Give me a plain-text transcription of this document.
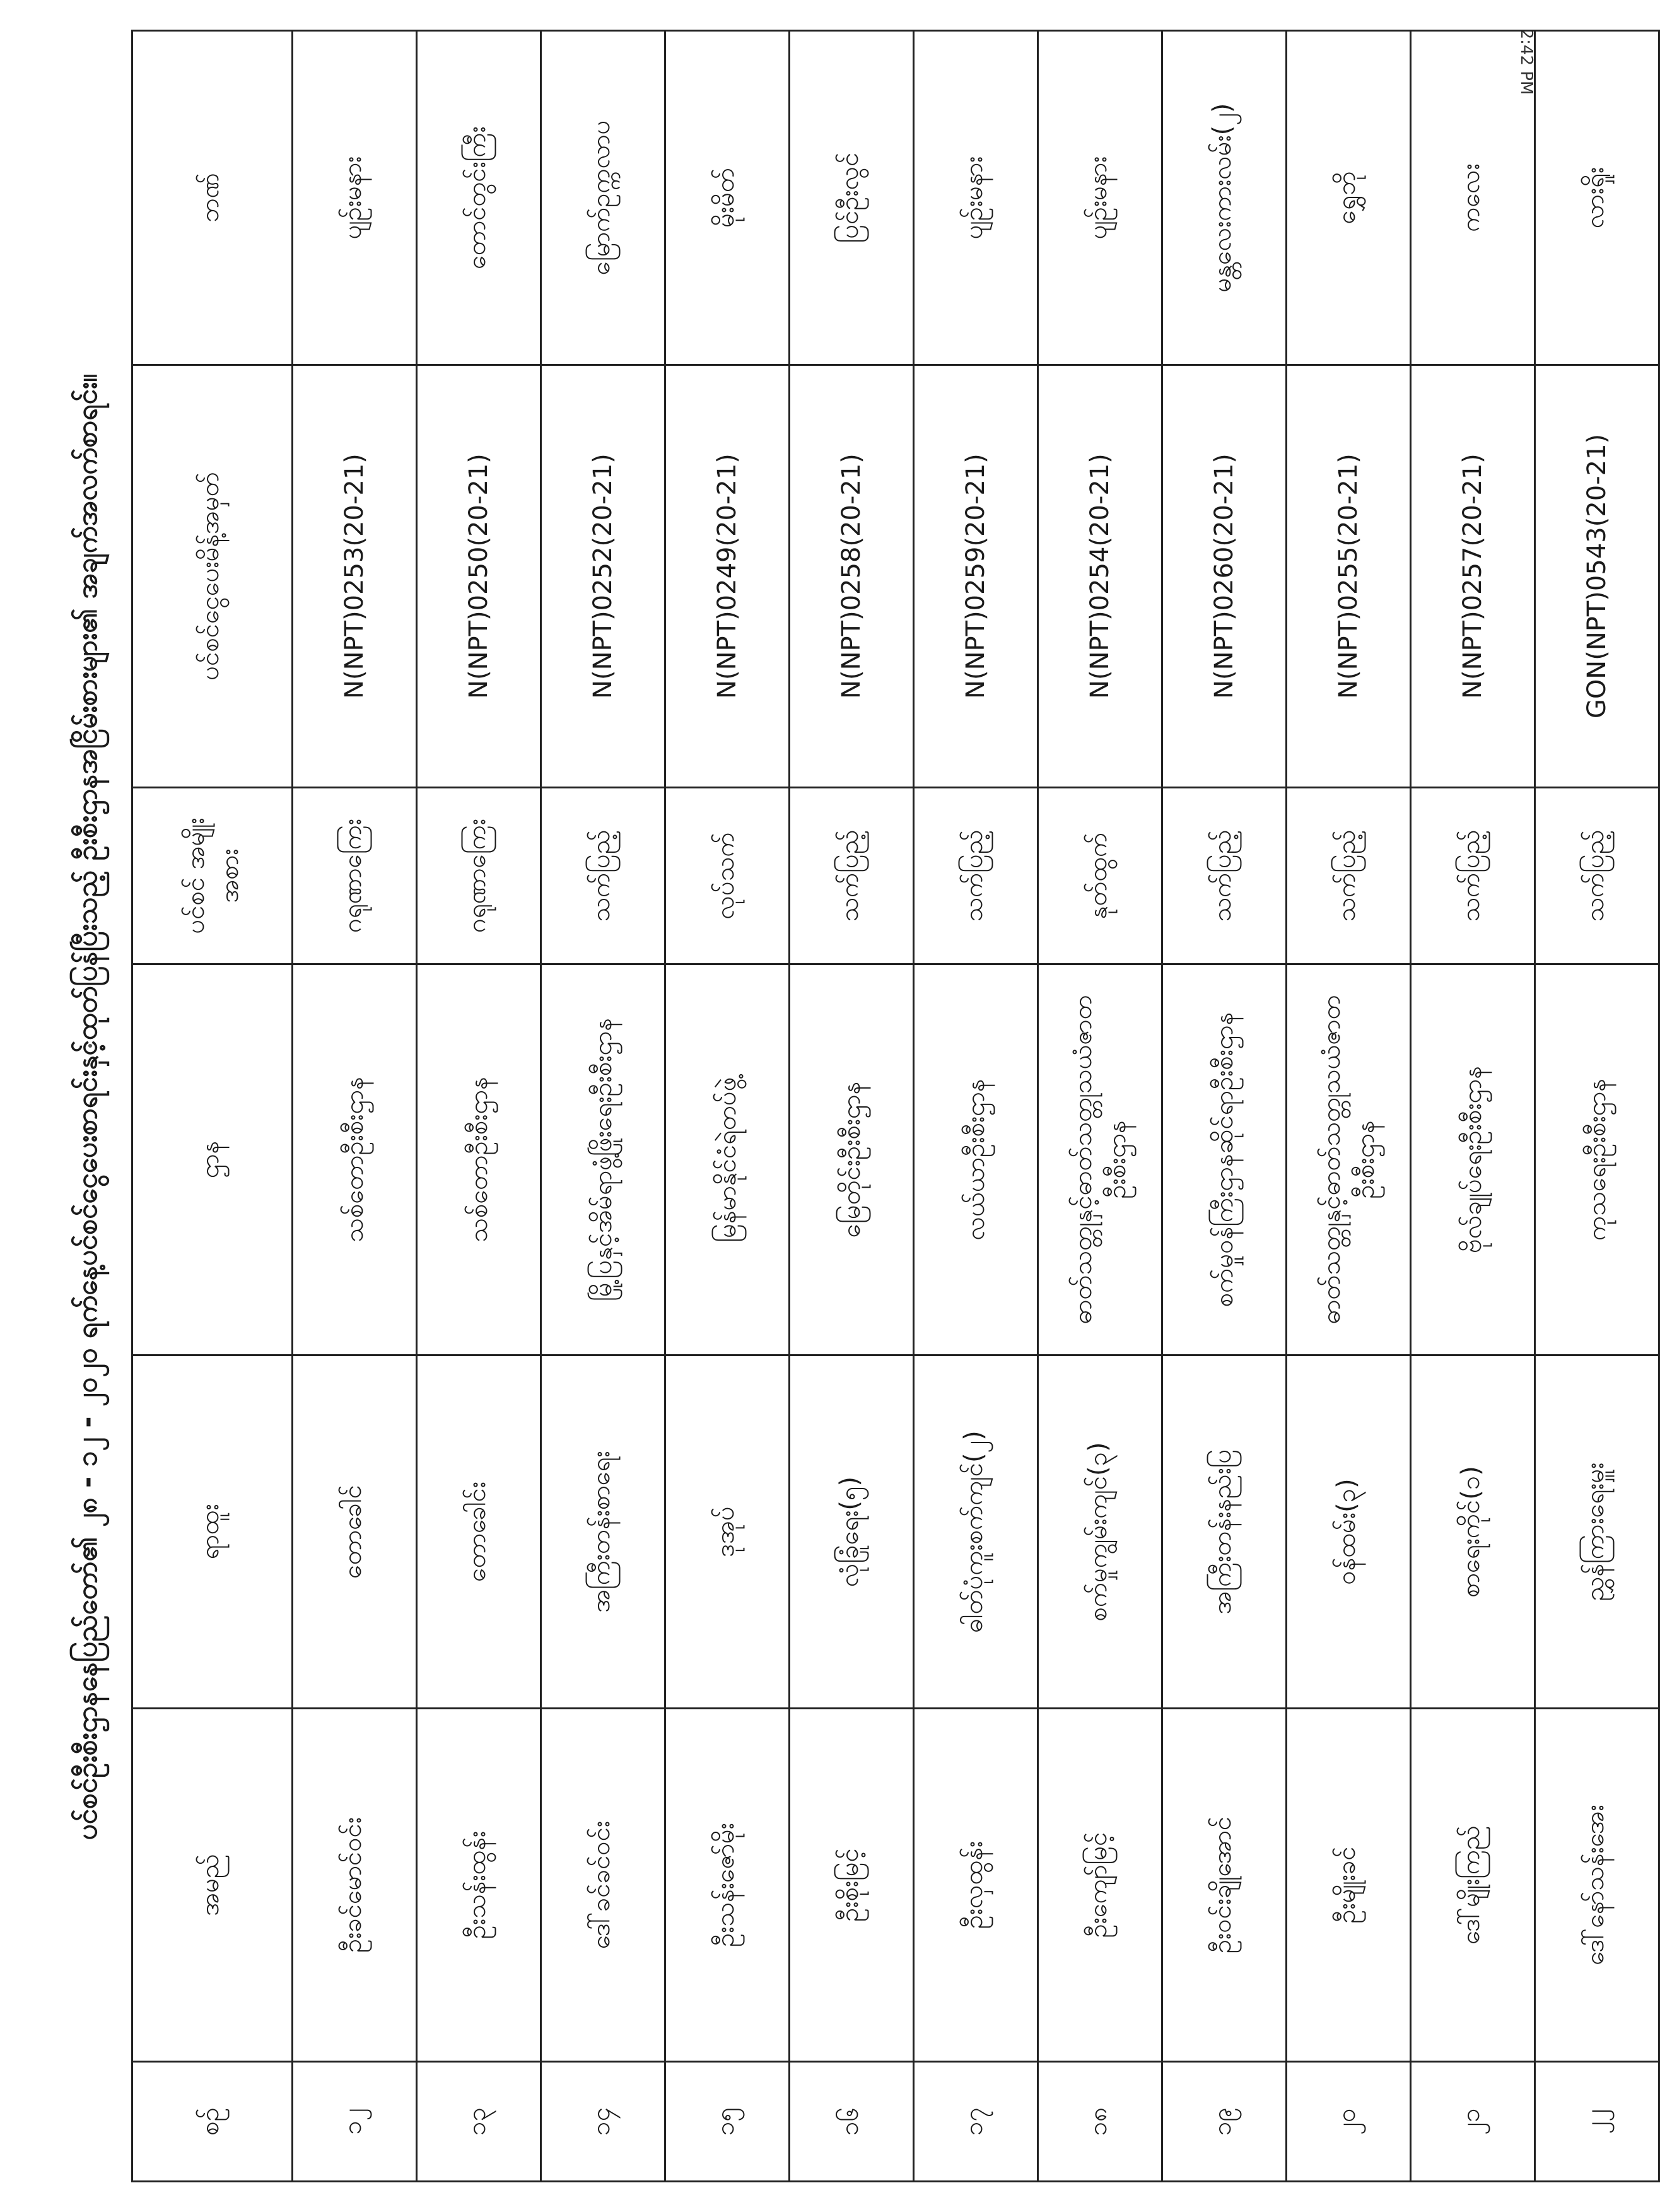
2:42 PM
ပင်စင်ဦးစီးဌာနနေပြည်တော်၏ ၂၈ - ၁၂ - ၂၀၂၀ ရက်နေ့ပင်စင်ငွေပေးစာရင်းနှင့်ထုတ်ပြန်ပြီးသည့် ဦးစီးဌာနအငြိမ်းစားများ၏ အချက်အလက်စာရင်း။
စဥ်	အမည်	ရာထူး	ဌာန	ပင်စင် အမျိုးအစား	ပင်စင်ငွေပေးမိန့်အမှတ်	ဘဏ်
၁၂	ဦးခင်မောင်ဝင်း	တောခေါင်	သစ်တောဦးစီးဌာန	ဂရုဏာကြေး	N(NPT)0253(20-21)	ပျဉ်းမနား
၁၃	ဦးသန်းထွန်း	တောခေါင်း	သစ်တောဦးစီးဌာန	ဂရုဏာကြေး	N(NPT)0250(20-21)	တောင်တွင်းကြီး
၁၄	ဒေါ်ခင်ခင်ဝင်း	အကြီးတန်းစာရေး	မြို့ပြနှင့်အိမ်ရာဖွံ့ဖြိုးရေးဦးစီးဌာန	သက်ပြည့်	N(NPT)0252(20-21)	မြောက်ဥက္ကလာပ
၁၅	ဦးသန်းဇော်မိုး	ဒုအုပ်	မြန်မာနိုင်ငံရဲတပ်ဖွဲ့	လုပ်သက်	N(NPT)0249(20-21)	မိုးမိတ်
၁၆	ဦးစိုးမြင့်	လုံခြုံရေး(၅)	မြေတိုင်းဦးစီးဌာန	သက်ပြည့်	N(NPT)0258(20-21)	ပြင်ဦးလွင်
၁၇	ဦးလှထွန်း	ဓါတ်ပုံကူးစက်ကျင်(၂)	လယ်ယာဦးစီးဌာန	သက်ပြည့်	N(NPT)0259(20-21)	ပျဉ်းမနား
၁၈	ဦးကျော်မြင့်	စက်မှုကျွမ်းကျင်(၃)	ဓာတ်သတ္တုနှင့်ဓာတ်သတ္တုသယံဇာတဦးစီးဌာန	နုတ်ထွက်	N(NPT)0254(20-21)	ပျဉ်းမနား
၁၉	ဦးဝင်းချိုအောင်	အကြီးတန်းနည်းပြ	စက်မှုဝန်ကြီးဌာနဆိုင်ရာဦးစီးဌာန	သက်ပြည့်	N(NPT)0260(20-21)	မန္တလေးကားလမ်း(၂)
၂၀	ဦးမျိုးခင်	ဝန်ထမ်း(၃)	ဓာတ်သတ္တုနှင့်ဓာတ်သတ္တုသယံဇာတဦးစီးဌာန	သက်ပြည့်	N(NPT)0255(20-21)	ရွှေဘို
၂၁	ဒေါ်မျိုးကြည်	စာရေးကိုင်(၁)	ဗိုလ်ချုပ်ရေးဦးစီးဌာန	သက်ပြည့်	N(NPT)0257(20-21)	ကလေး
၂၂	ဒေါ်နော်သန်းအေး	ညွှန်ကြားရေးမှူး	ကုသရေးဦးစီးဌာန	သက်ပြည့်	GON(NPT)0543(20-21)	လားရှိုး
